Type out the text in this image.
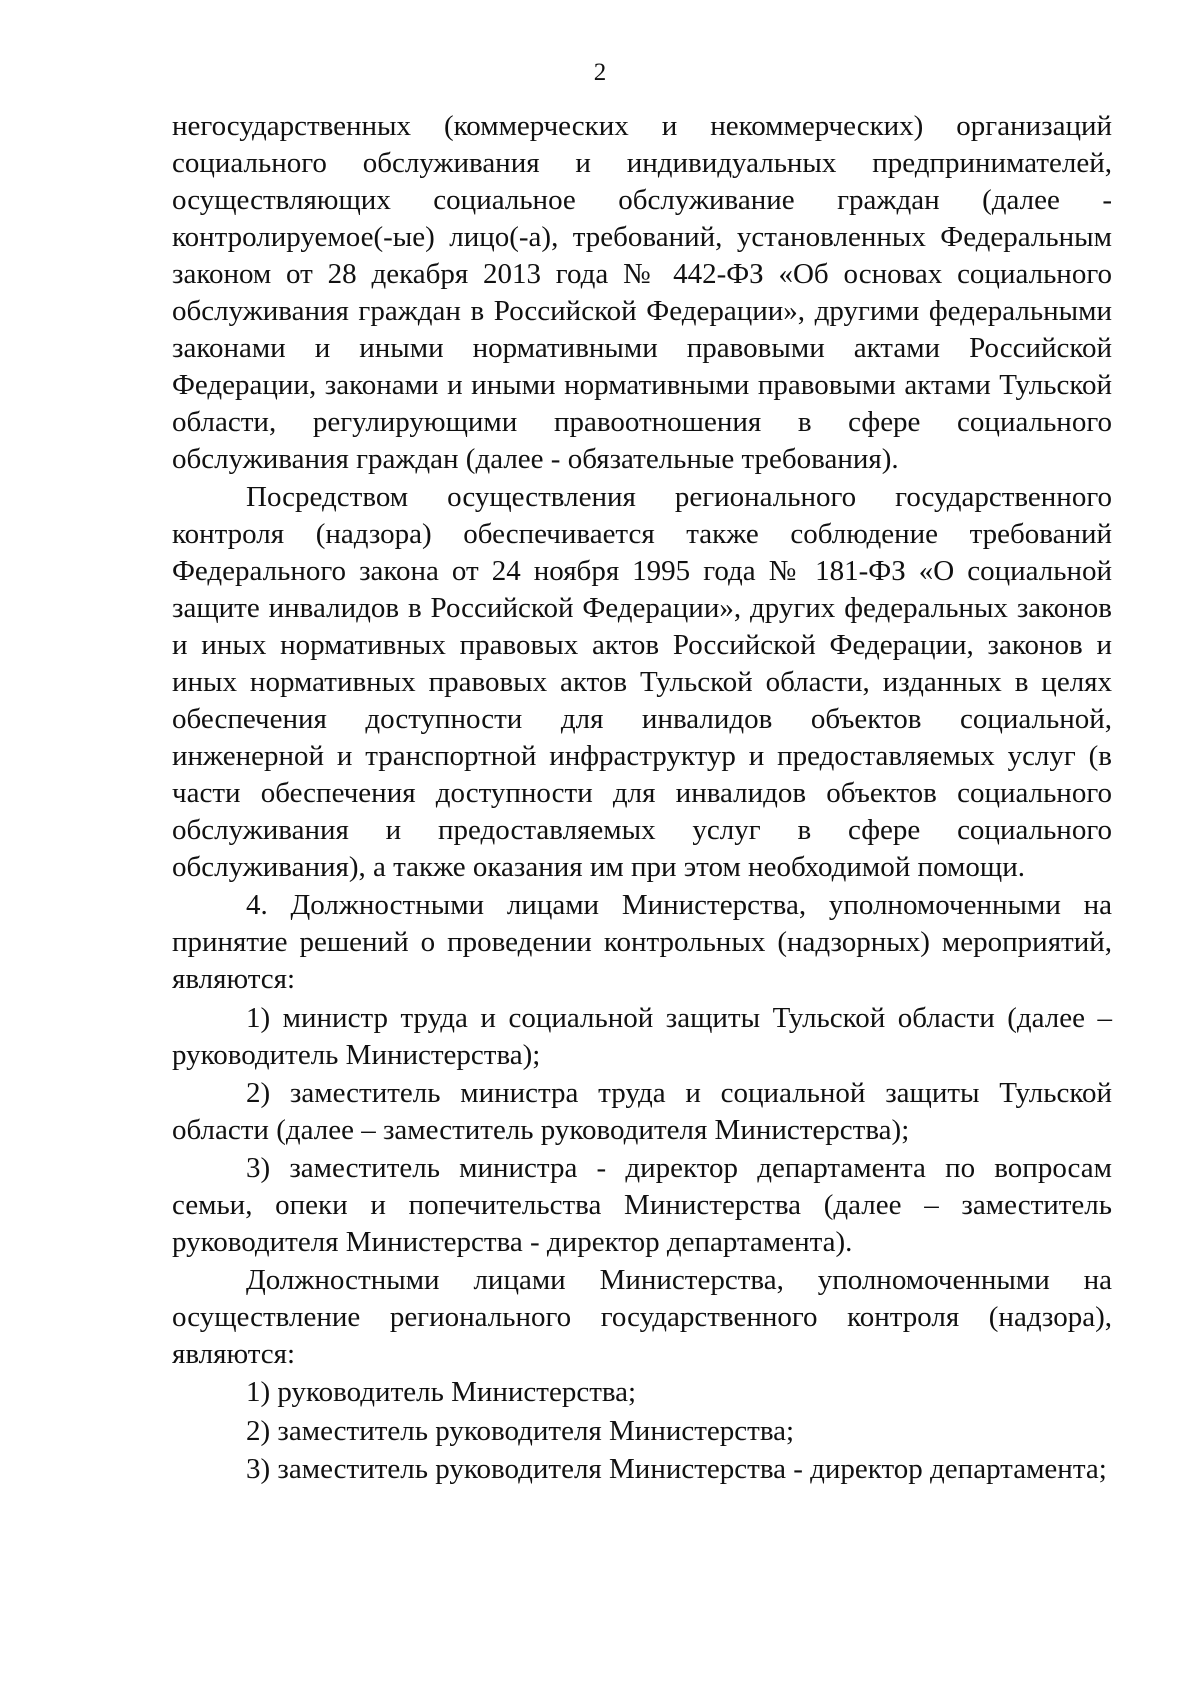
2

негосударственных (коммерческих и некоммерческих) организаций социального обслуживания и индивидуальных предпринимателей, осуществляющих социальное обслуживание граждан (далее - контролируемое(-ые) лицо(-а), требований, установленных Федеральным законом от 28 декабря 2013 года № 442-ФЗ «Об основах социального обслуживания граждан в Российской Федерации», другими федеральными законами и иными нормативными правовыми актами Российской Федерации, законами и иными нормативными правовыми актами Тульской области, регулирующими правоотношения в сфере социального обслуживания граждан (далее - обязательные требования).

Посредством осуществления регионального государственного контроля (надзора) обеспечивается также соблюдение требований Федерального закона от 24 ноября 1995 года № 181-ФЗ «О социальной защите инвалидов в Российской Федерации», других федеральных законов и иных нормативных правовых актов Российской Федерации, законов и иных нормативных правовых актов Тульской области, изданных в целях обеспечения доступности для инвалидов объектов социальной, инженерной и транспортной инфраструктур и предоставляемых услуг (в части обеспечения доступности для инвалидов объектов социального обслуживания и предоставляемых услуг в сфере социального обслуживания), а также оказания им при этом необходимой помощи.

4. Должностными лицами Министерства, уполномоченными на принятие решений о проведении контрольных (надзорных) мероприятий, являются:

1) министр труда и социальной защиты Тульской области (далее – руководитель Министерства);

2) заместитель министра труда и социальной защиты Тульской области (далее – заместитель руководителя Министерства);

3) заместитель министра - директор департамента по вопросам семьи, опеки и попечительства Министерства (далее – заместитель руководителя Министерства - директор департамента).

Должностными лицами Министерства, уполномоченными на осуществление регионального государственного контроля (надзора), являются:

1) руководитель Министерства;

2) заместитель руководителя Министерства;

3) заместитель руководителя Министерства - директор департамента;
